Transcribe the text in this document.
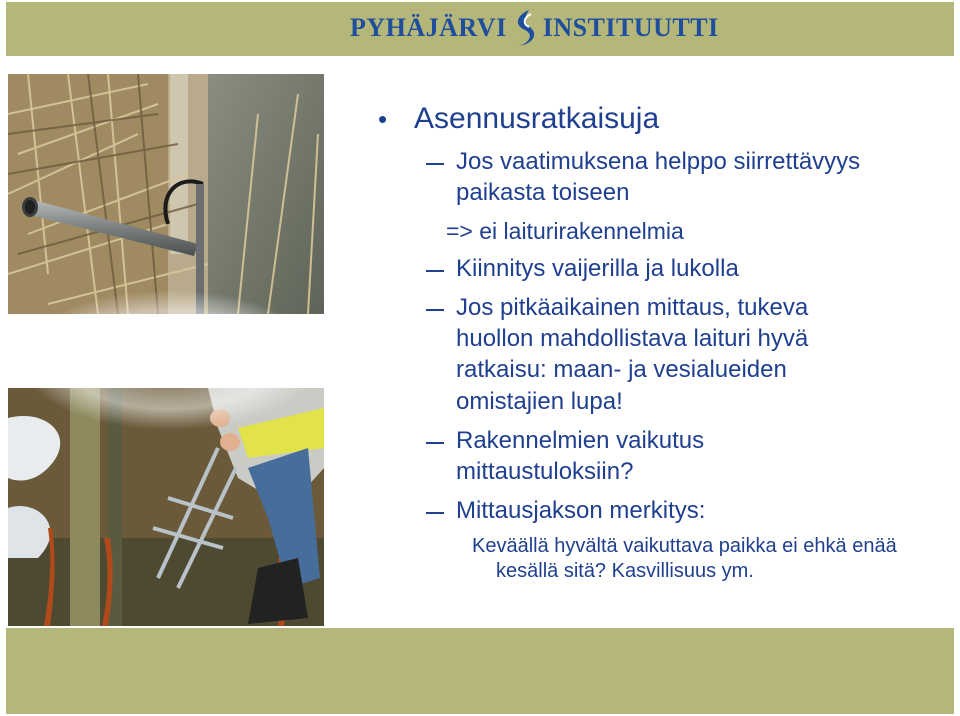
PYHÄJÄRVI INSTITUUTTI
• Asennusratkaisuja
Jos vaatimuksena helppo siirrettävyys
paikasta toiseen
=> ei laiturirakennelmia
Kiinnitys vaijerilla ja lukolla
Jos pitkäaikainen mittaus, tukeva
huollon mahdollistava laituri hyvä
ratkaisu: maan- ja vesialueiden
omistajien lupa!
Rakennelmien vaikutus
mittaustuloksiin?
Mittausjakson merkitys:
Keväällä hyvältä vaikuttava paikka ei ehkä enää
kesällä sitä? Kasvillisuus ym.
